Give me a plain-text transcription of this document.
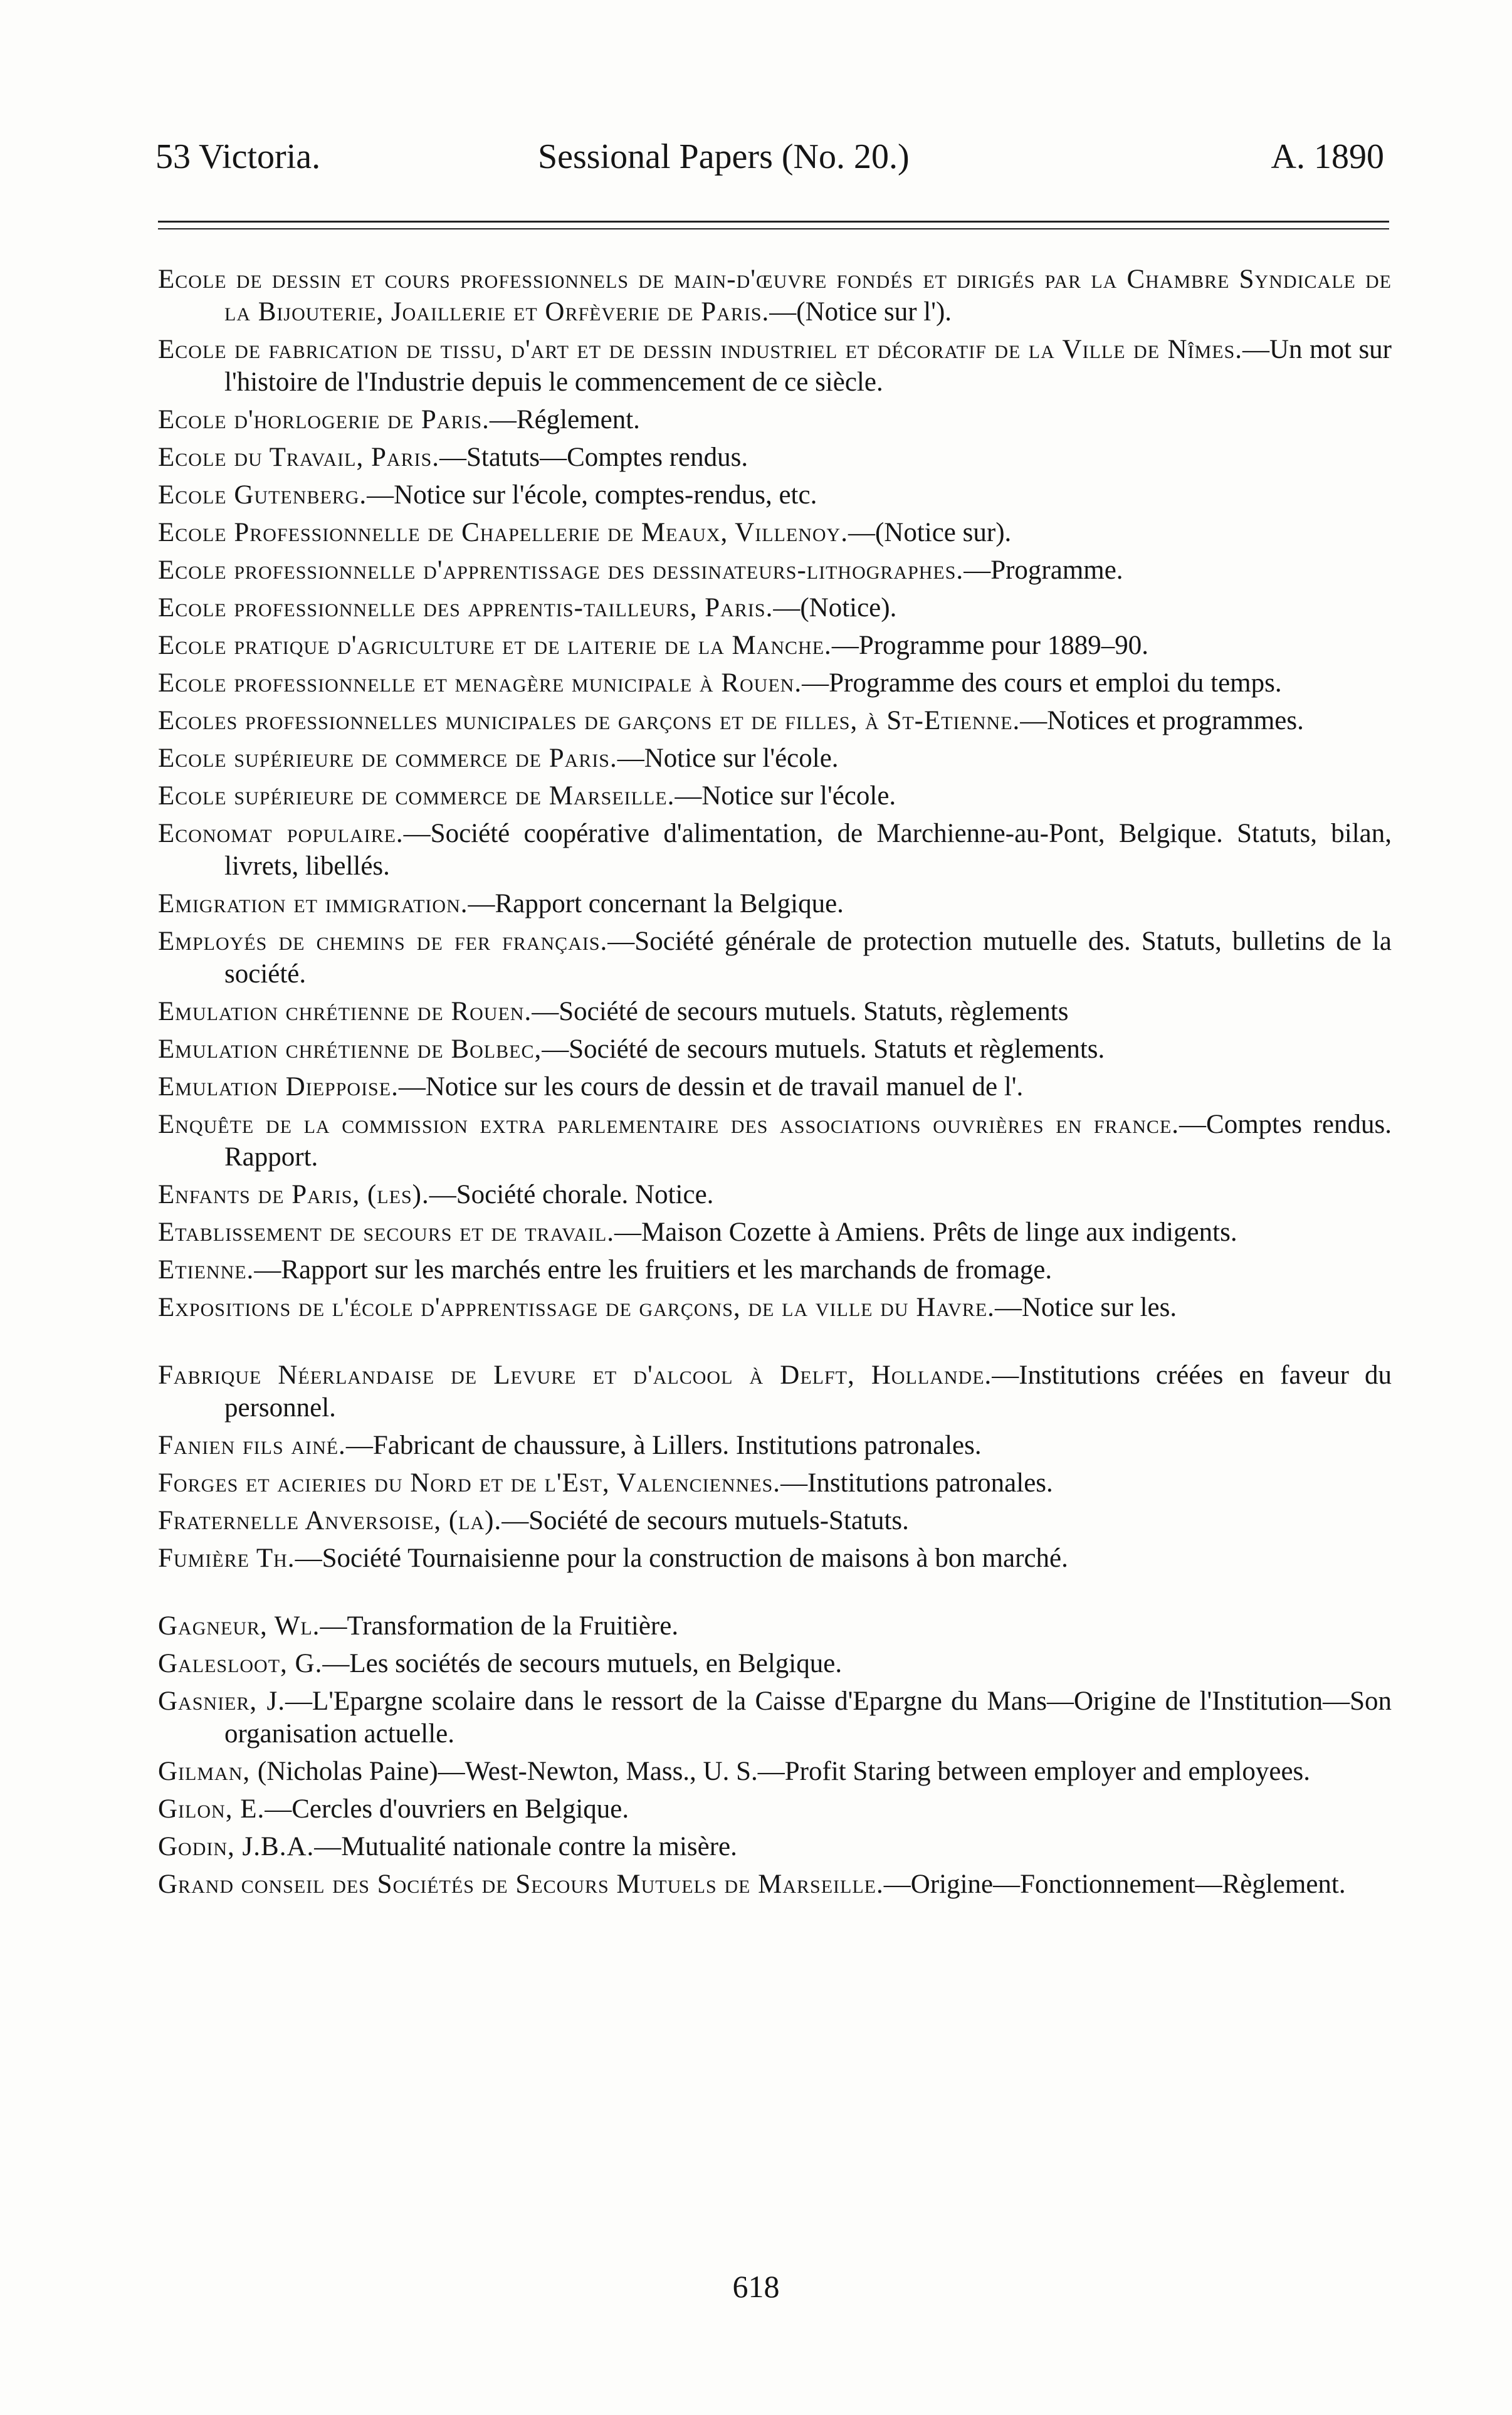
53 Victoria.	Sessional Papers (No. 20.)	A. 1890

Ecole de dessin et cours professionnels de main-d'œuvre fondés et dirigés par la Chambre Syndicale de la Bijouterie, Joaillerie et Orfèverie de Paris.—(Notice sur l').

Ecole de fabrication de tissu, d'art et de dessin industriel et décoratif de la Ville de Nîmes.—Un mot sur l'histoire de l'Industrie depuis le commencement de ce siècle.

Ecole d'horlogerie de Paris.—Réglement.

Ecole du Travail, Paris.—Statuts—Comptes rendus.

Ecole Gutenberg.—Notice sur l'école, comptes-rendus, etc.

Ecole Professionnelle de Chapellerie de Meaux, Villenoy.—(Notice sur).

Ecole professionnelle d'apprentissage des dessinateurs-lithographes.—Programme.

Ecole professionnelle des apprentis-tailleurs, Paris.—(Notice).

Ecole pratique d'agriculture et de laiterie de la Manche.—Programme pour 1889–90.

Ecole professionnelle et menagère municipale à Rouen.—Programme des cours et emploi du temps.

Ecoles professionnelles municipales de garçons et de filles, à St-Etienne.—Notices et programmes.

Ecole supérieure de commerce de Paris.—Notice sur l'école.

Ecole supérieure de commerce de Marseille.—Notice sur l'école.

Economat populaire.—Société coopérative d'alimentation, de Marchienne-au-Pont, Belgique. Statuts, bilan, livrets, libellés.

Emigration et immigration.—Rapport concernant la Belgique.

Employés de chemins de fer français.—Société générale de protection mutuelle des. Statuts, bulletins de la société.

Emulation chrétienne de Rouen.—Société de secours mutuels. Statuts, règlements

Emulation chrétienne de Bolbec,—Société de secours mutuels. Statuts et règlements.

Emulation Dieppoise.—Notice sur les cours de dessin et de travail manuel de l'.

Enquête de la commission extra parlementaire des associations ouvrières en france.—Comptes rendus. Rapport.

Enfants de Paris, (les).—Société chorale. Notice.

Etablissement de secours et de travail.—Maison Cozette à Amiens. Prêts de linge aux indigents.

Etienne.—Rapport sur les marchés entre les fruitiers et les marchands de fromage.

Expositions de l'école d'apprentissage de garçons, de la ville du Havre.—Notice sur les.

Fabrique Néerlandaise de Levure et d'alcool à Delft, Hollande.—Institutions créées en faveur du personnel.

Fanien fils ainé.—Fabricant de chaussure, à Lillers. Institutions patronales.

Forges et acieries du Nord et de l'Est, Valenciennes.—Institutions patronales.

Fraternelle Anversoise, (la).—Société de secours mutuels-Statuts.

Fumière Th.—Société Tournaisienne pour la construction de maisons à bon marché.

Gagneur, Wl.—Transformation de la Fruitière.

Galesloot, G.—Les sociétés de secours mutuels, en Belgique.

Gasnier, J.—L'Epargne scolaire dans le ressort de la Caisse d'Epargne du Mans—Origine de l'Institution—Son organisation actuelle.

Gilman, (Nicholas Paine)—West-Newton, Mass., U. S.—Profit Staring between employer and employees.

Gilon, E.—Cercles d'ouvriers en Belgique.

Godin, J.B.A.—Mutualité nationale contre la misère.

Grand conseil des Sociétés de Secours Mutuels de Marseille.—Origine—Fonctionnement—Règlement.

618
